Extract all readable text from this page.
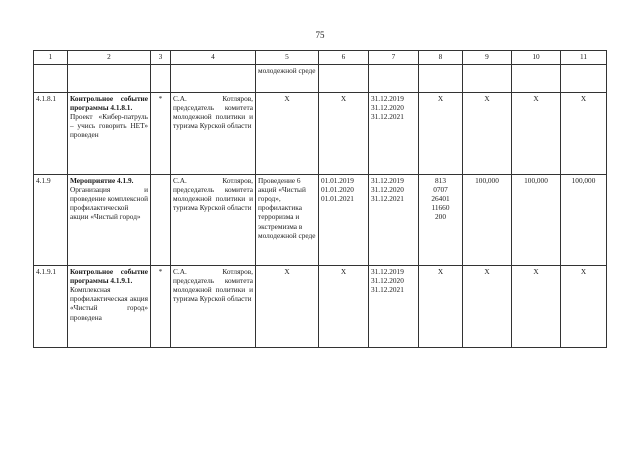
75
1	2	3	4	5	6	7	8	9	10	11
				молодежной среде						
4.1.8.1	Контрольное событие программы 4.1.8.1.
Проект «Кибер-патруль – учись говорить НЕТ» проведен	*	С.А. Котляров, председатель комитета молодежной политики и туризма Курской области	Х	Х	31.12.2019
31.12.2020
31.12.2021	Х	Х	Х	Х
4.1.9	Мероприятие 4.1.9.
Организация и проведение комплексной профилактической акции «Чистый город»		С.А. Котляров, председатель комитета молодежной политики и туризма Курской области	Проведение 6 акций «Чистый город», профилактика терроризма и экстремизма в молодежной среде	01.01.2019
01.01.2020
01.01.2021	31.12.2019
31.12.2020
31.12.2021	813
0707
26401
11660
200	100,000	100,000	100,000
4.1.9.1	Контрольное событие программы 4.1.9.1.
Комплексная профилактическая акция «Чистый город» проведена	*	С.А. Котляров, председатель комитета молодежной политики и туризма Курской области	Х	Х	31.12.2019
31.12.2020
31.12.2021	Х	Х	Х	Х
